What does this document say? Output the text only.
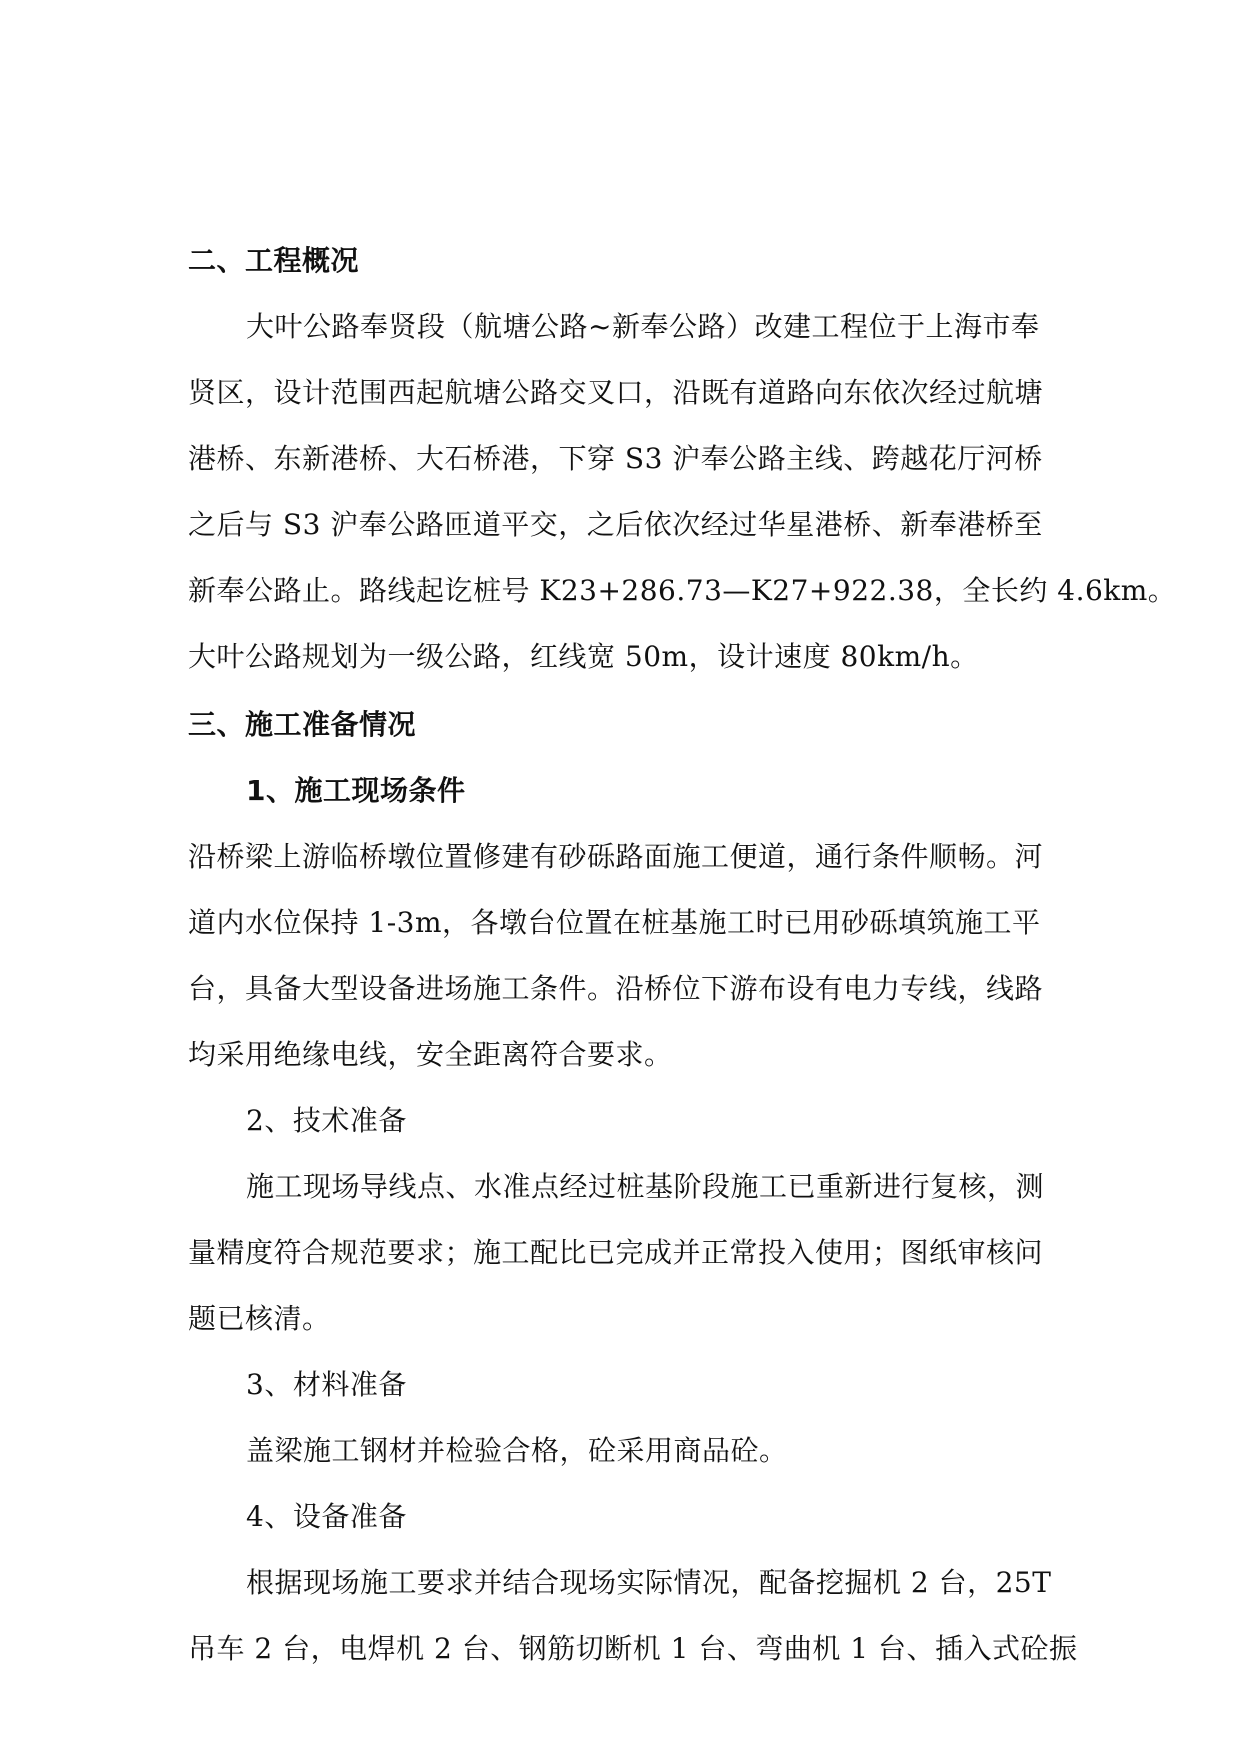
二、工程概况
大叶公路奉贤段（航塘公路~新奉公路）改建工程位于上海市奉
贤区，设计范围西起航塘公路交叉口，沿既有道路向东依次经过航塘
港桥、东新港桥、大石桥港，下穿 S3 沪奉公路主线、跨越花厅河桥
之后与 S3 沪奉公路匝道平交，之后依次经过华星港桥、新奉港桥至
新奉公路止。路线起讫桩号 K23+286.73—K27+922.38，全长约 4.6km。
大叶公路规划为一级公路，红线宽 50m，设计速度 80km/h。
三、施工准备情况
1、施工现场条件
沿桥梁上游临桥墩位置修建有砂砾路面施工便道，通行条件顺畅。河
道内水位保持 1-3m，各墩台位置在桩基施工时已用砂砾填筑施工平
台，具备大型设备进场施工条件。沿桥位下游布设有电力专线，线路
均采用绝缘电线，安全距离符合要求。
2、技术准备
施工现场导线点、水准点经过桩基阶段施工已重新进行复核，测
量精度符合规范要求；施工配比已完成并正常投入使用；图纸审核问
题已核清。
3、材料准备
盖梁施工钢材并检验合格，砼采用商品砼。
4、设备准备
根据现场施工要求并结合现场实际情况，配备挖掘机 2 台，25T
吊车 2 台，电焊机 2 台、钢筋切断机 1 台、弯曲机 1 台、插入式砼振
